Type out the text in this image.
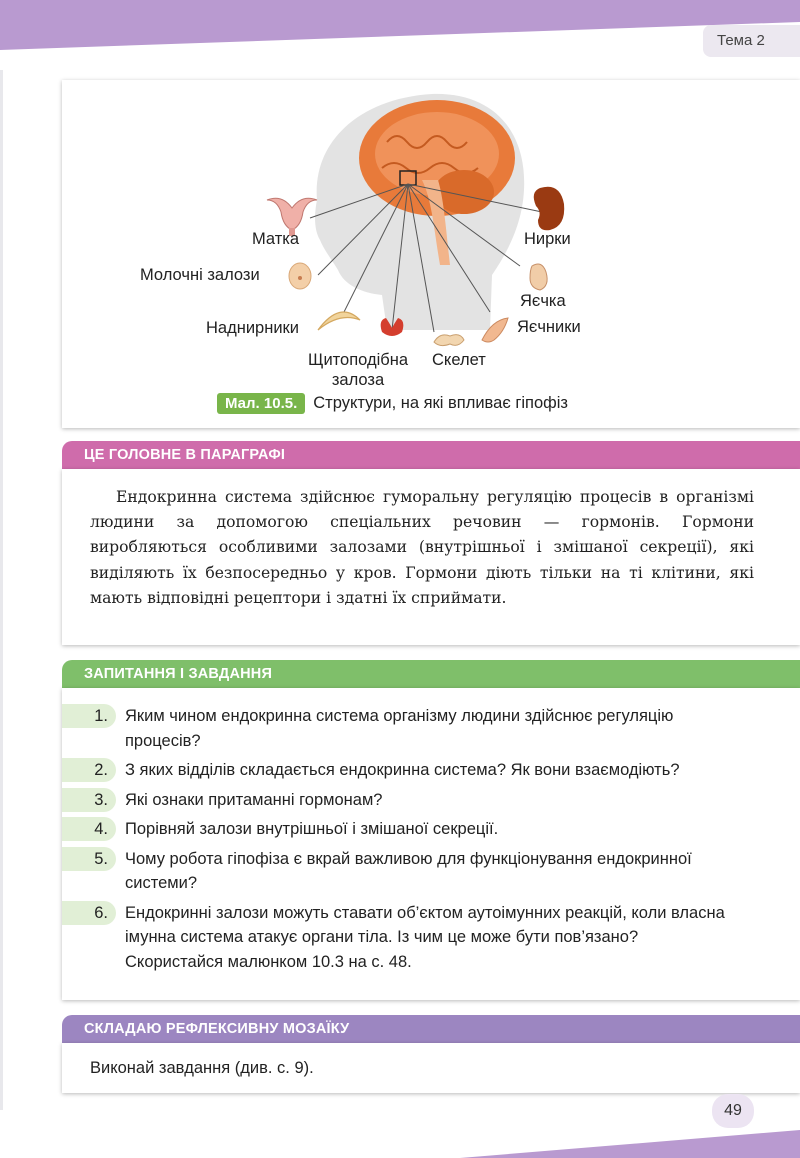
Тема 2
Матка
Молочні залози
Наднирники
Щитоподібна залоза
Скелет
Нирки
Яєчка
Яєчники
Мал. 10.5. Структури, на які впливає гіпофіз
ЦЕ ГОЛОВНЕ В ПАРАГРАФІ

Ендокринна система здійснює гуморальну регуляцію процесів в організмі людини за допомогою спеціальних речовин — гормонів. Гормони виробляються особливими залозами (внутрішньої і змішаної секреції), які виділяють їх безпосередньо у кров. Гормони діють тільки на ті клітини, які мають відповідні рецептори і здатні їх сприймати.

ЗАПИТАННЯ І ЗАВДАННЯ
1.	Яким чином ендокринна система організму людини здійснює регуляцію процесів?
2.	З яких відділів складається ендокринна система? Як вони взаємодіють?
3.	Які ознаки притаманні гормонам?
4.	Порівняй залози внутрішньої і змішаної секреції.
5.	Чому робота гіпофіза є вкрай важливою для функціонування ендокринної системи?
6.	Ендокринні залози можуть ставати об’єктом аутоімунних реакцій, коли власна імунна система атакує органи тіла. Із чим це може бути пов’язано? Скористайся малюнком 10.3 на с. 48.
СКЛАДАЮ РЕФЛЕКСИВНУ МОЗАЇКУ
Виконай завдання (див. с. 9).
49
